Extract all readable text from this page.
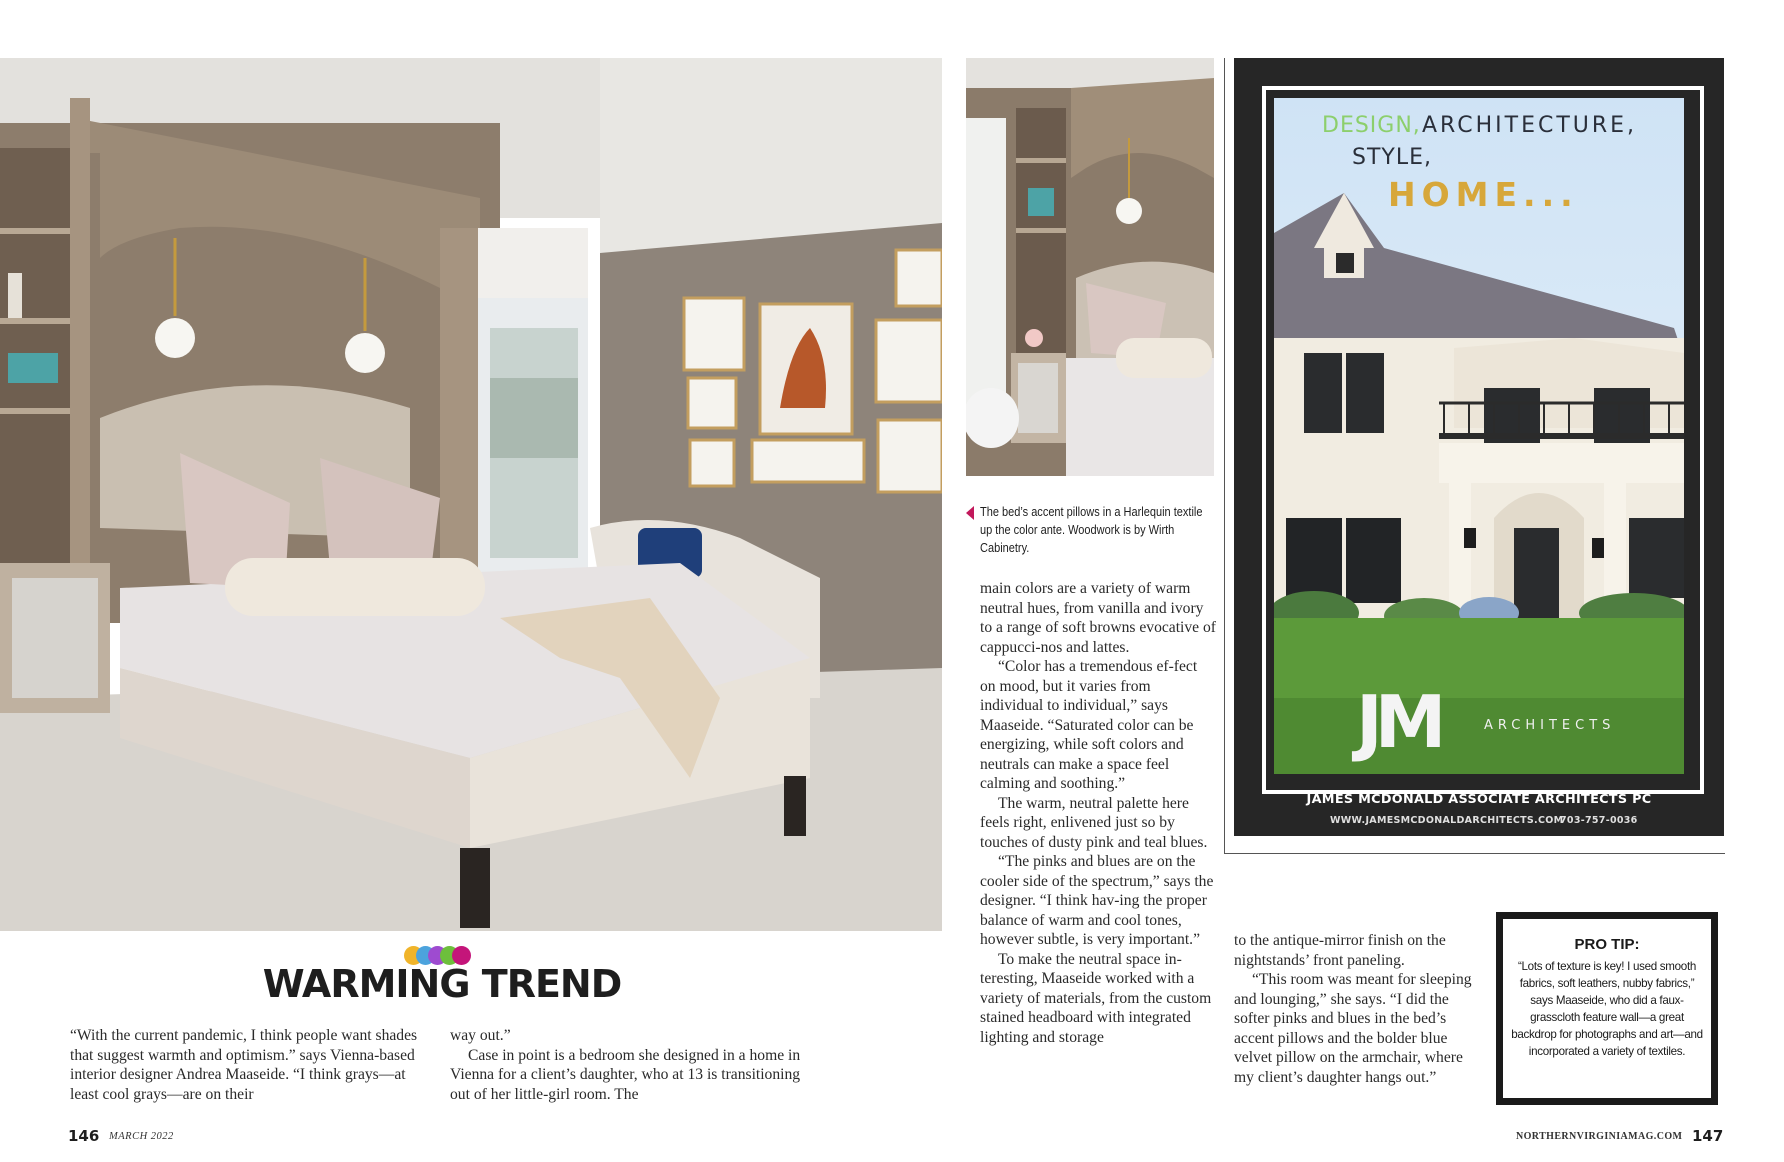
WARMING TREND

“With the current pandemic, I think people want shades that suggest warmth and optimism.” says Vienna-based interior designer Andrea Maaseide. “I think grays—at least cool grays—are on their

way out.”

Case in point is a bedroom she designed in a home in Vienna for a client’s daughter, who at 13 is transitioning out of her little-girl room. The

146 MARCH 2022

The bed’s accent pillows in a Harlequin textile up the color ante. Woodwork is by Wirth Cabinetry.

main colors are a variety of warm neutral hues, from vanilla and ivory to a range of soft browns evocative of cappucci-nos and lattes.

“Color has a tremendous ef-fect on mood, but it varies from individual to individual,” says Maaseide. “Saturated color can be energizing, while soft colors and neutrals can make a space feel calming and soothing.”

The warm, neutral palette here feels right, enlivened just so by touches of dusty pink and teal blues.

“The pinks and blues are on the cooler side of the spectrum,” says the designer. “I think hav-ing the proper balance of warm and cool tones, however subtle, is very important.”

To make the neutral space in-teresting, Maaseide worked with a variety of materials, from the custom stained headboard with integrated lighting and storage

to the antique-mirror finish on the nightstands’ front paneling.

“This room was meant for sleeping and lounging,” she says. “I did the softer pinks and blues in the bed’s accent pillows and the bolder blue velvet pillow on the armchair, where my client’s daughter hangs out.”

DESIGN, ARCHITECTURE,
STYLE,
HOME...
JM	ARCHITECTS
JAMES MCDONALD ASSOCIATE ARCHITECTS PC
WWW.JAMESMCDONALDARCHITECTS.COM
703-757-0036

PRO TIP:

“Lots of texture is key! I used smooth fabrics, soft leathers, nubby fabrics,” says Maaseide, who did a faux-grasscloth feature wall—a great backdrop for photographs and art—and incorporated a variety of textiles.

NORTHERNVIRGINIAMAG.COM 147
